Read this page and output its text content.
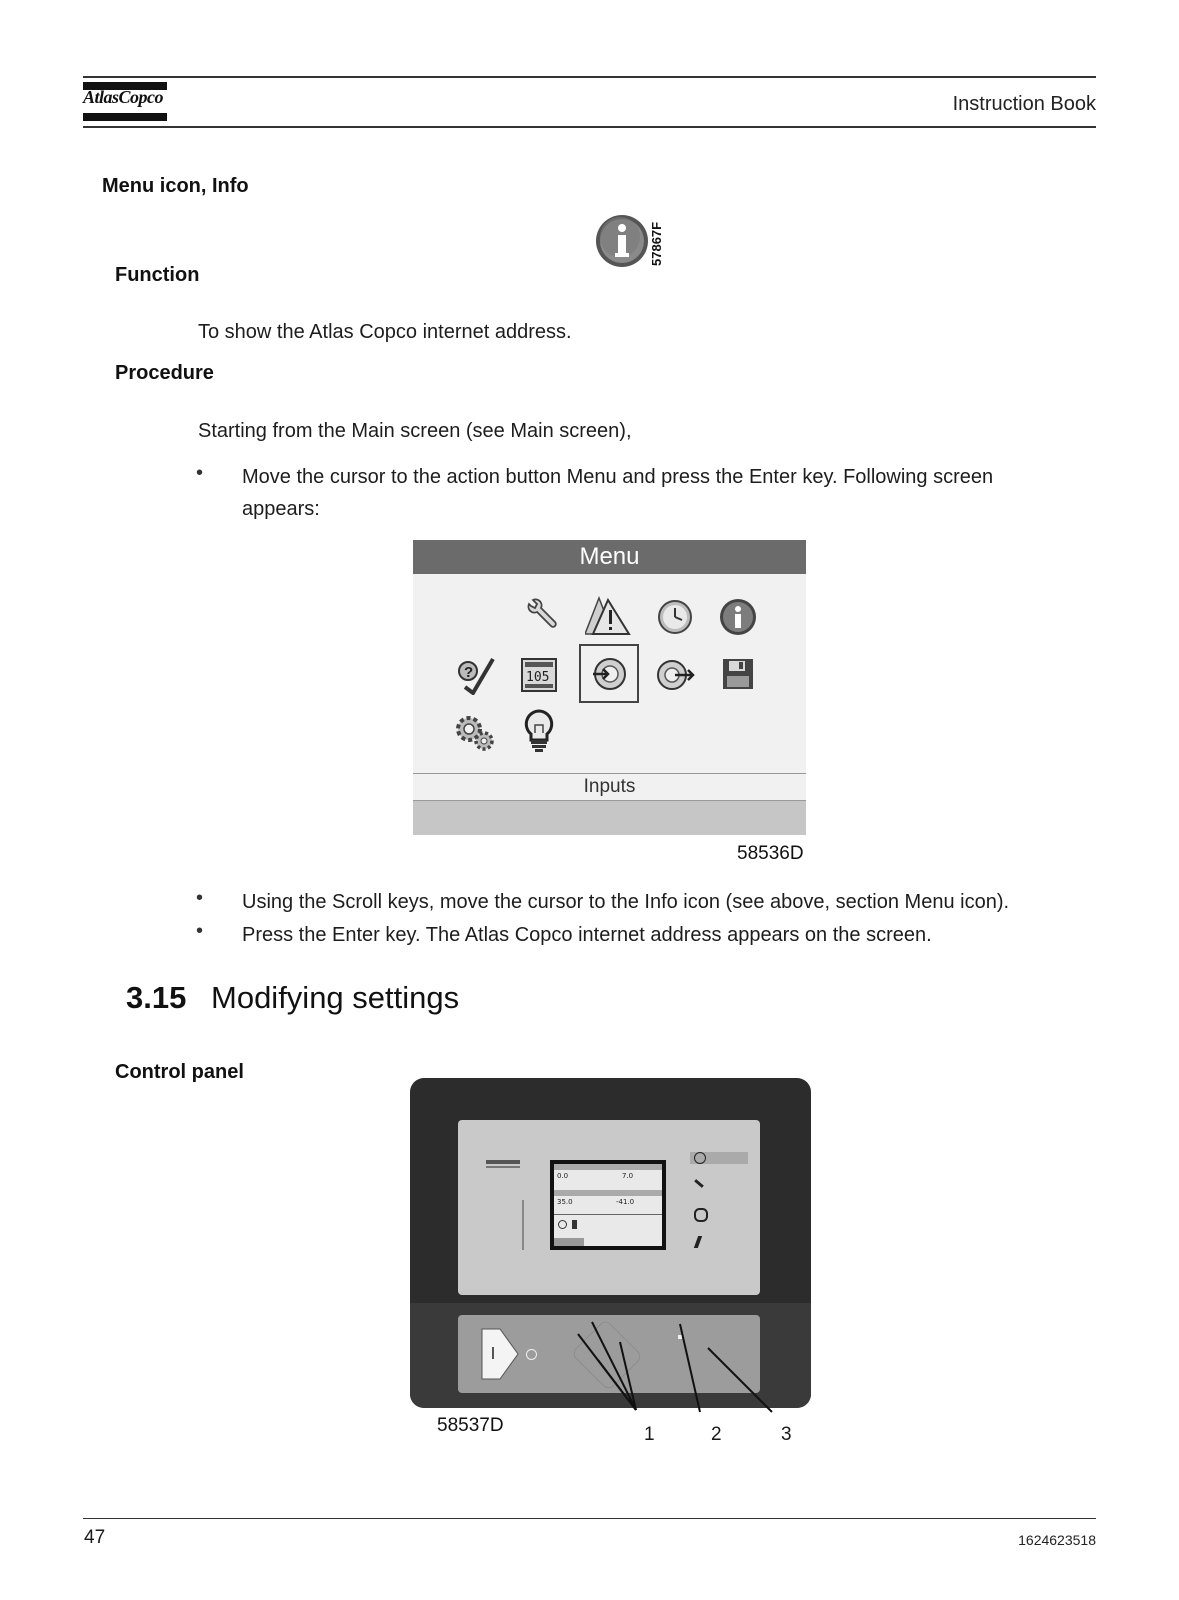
AtlasCopco	Instruction Book
Menu icon, Info
57867F
Function
To show the Atlas Copco internet address.
Procedure
Starting from the Main screen (see Main screen),
• Move the cursor to the action button Menu and press the Enter key. Following screen
appears:
Menu
?	105
Inputs
58536D
• Using the Scroll keys, move the cursor to the Info icon (see above, section Menu icon).
• Press the Enter key. The Atlas Copco internet address appears on the screen.
3.15 Modifying settings
Control panel
0.0	7.0
35.0	-41.0
58537D	1	2	3
47	1624623518
